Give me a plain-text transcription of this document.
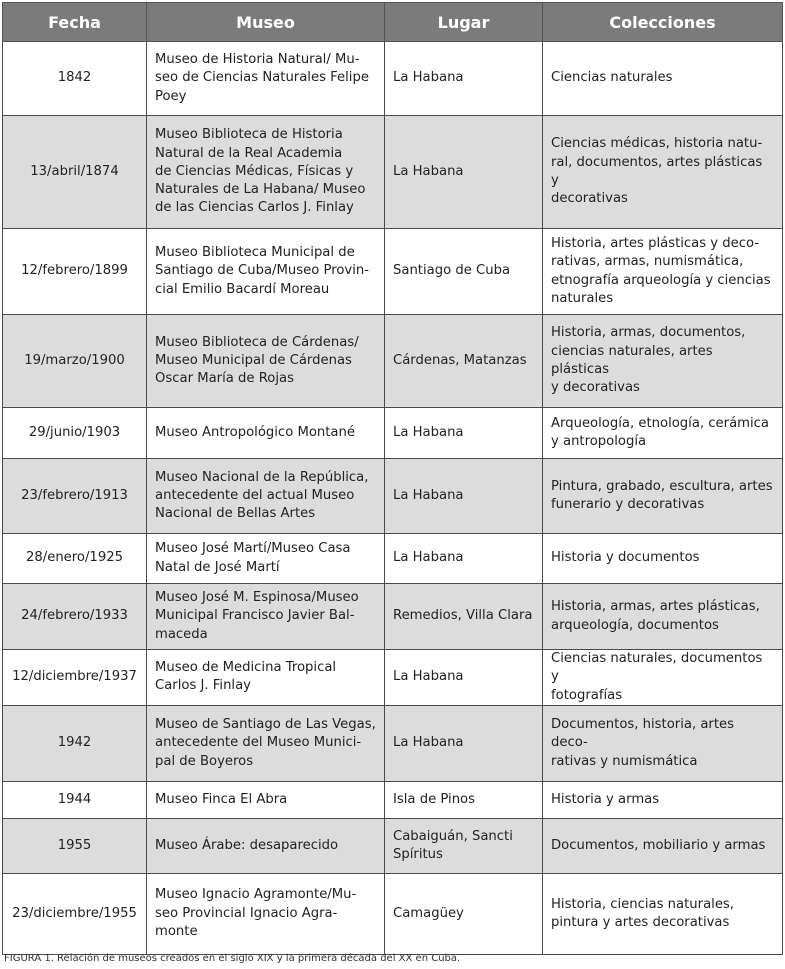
Fecha	Museo	Lugar	Colecciones
1842	Museo de Historia Natural/ Mu-
seo de Ciencias Naturales Felipe
Poey	La Habana	Ciencias naturales
13/abril/1874	Museo Biblioteca de Historia
Natural de la Real Academia
de Ciencias Médicas, Físicas y
Naturales de La Habana/ Museo
de las Ciencias Carlos J. Finlay	La Habana	Ciencias médicas, historia natu-
ral, documentos, artes plásticas y
decorativas
12/febrero/1899	Museo Biblioteca Municipal de
Santiago de Cuba/Museo Provin-
cial Emilio Bacardí Moreau	Santiago de Cuba	Historia, artes plásticas y deco-
rativas, armas, numismática,
etnografía arqueología y ciencias
naturales
19/marzo/1900	Museo Biblioteca de Cárdenas/
Museo Municipal de Cárdenas
Oscar María de Rojas	Cárdenas, Matanzas	Historia, armas, documentos,
ciencias naturales, artes plásticas
y decorativas
29/junio/1903	Museo Antropológico Montané	La Habana	Arqueología, etnología, cerámica
y antropología
23/febrero/1913	Museo Nacional de la República,
antecedente del actual Museo
Nacional de Bellas Artes	La Habana	Pintura, grabado, escultura, artes
funerario y decorativas
28/enero/1925	Museo José Martí/Museo Casa
Natal de José Martí	La Habana	Historia y documentos
24/febrero/1933	Museo José M. Espinosa/Museo
Municipal Francisco Javier Bal-
maceda	Remedios, Villa Clara	Historia, armas, artes plásticas,
arqueología, documentos
12/diciembre/1937	Museo de Medicina Tropical
Carlos J. Finlay	La Habana	Ciencias naturales, documentos y
fotografías
1942	Museo de Santiago de Las Vegas,
antecedente del Museo Munici-
pal de Boyeros	La Habana	Documentos, historia, artes deco-
rativas y numismática
1944	Museo Finca El Abra	Isla de Pinos	Historia y armas
1955	Museo Árabe: desaparecido	Cabaiguán, Sancti
Spíritus	Documentos, mobiliario y armas
23/diciembre/1955	Museo Ignacio Agramonte/Mu-
seo Provincial Ignacio Agra-
monte	Camagüey	Historia, ciencias naturales,
pintura y artes decorativas
FIGURA 1. Relación de museos creados en el siglo XIX y la primera década del XX en Cuba.
